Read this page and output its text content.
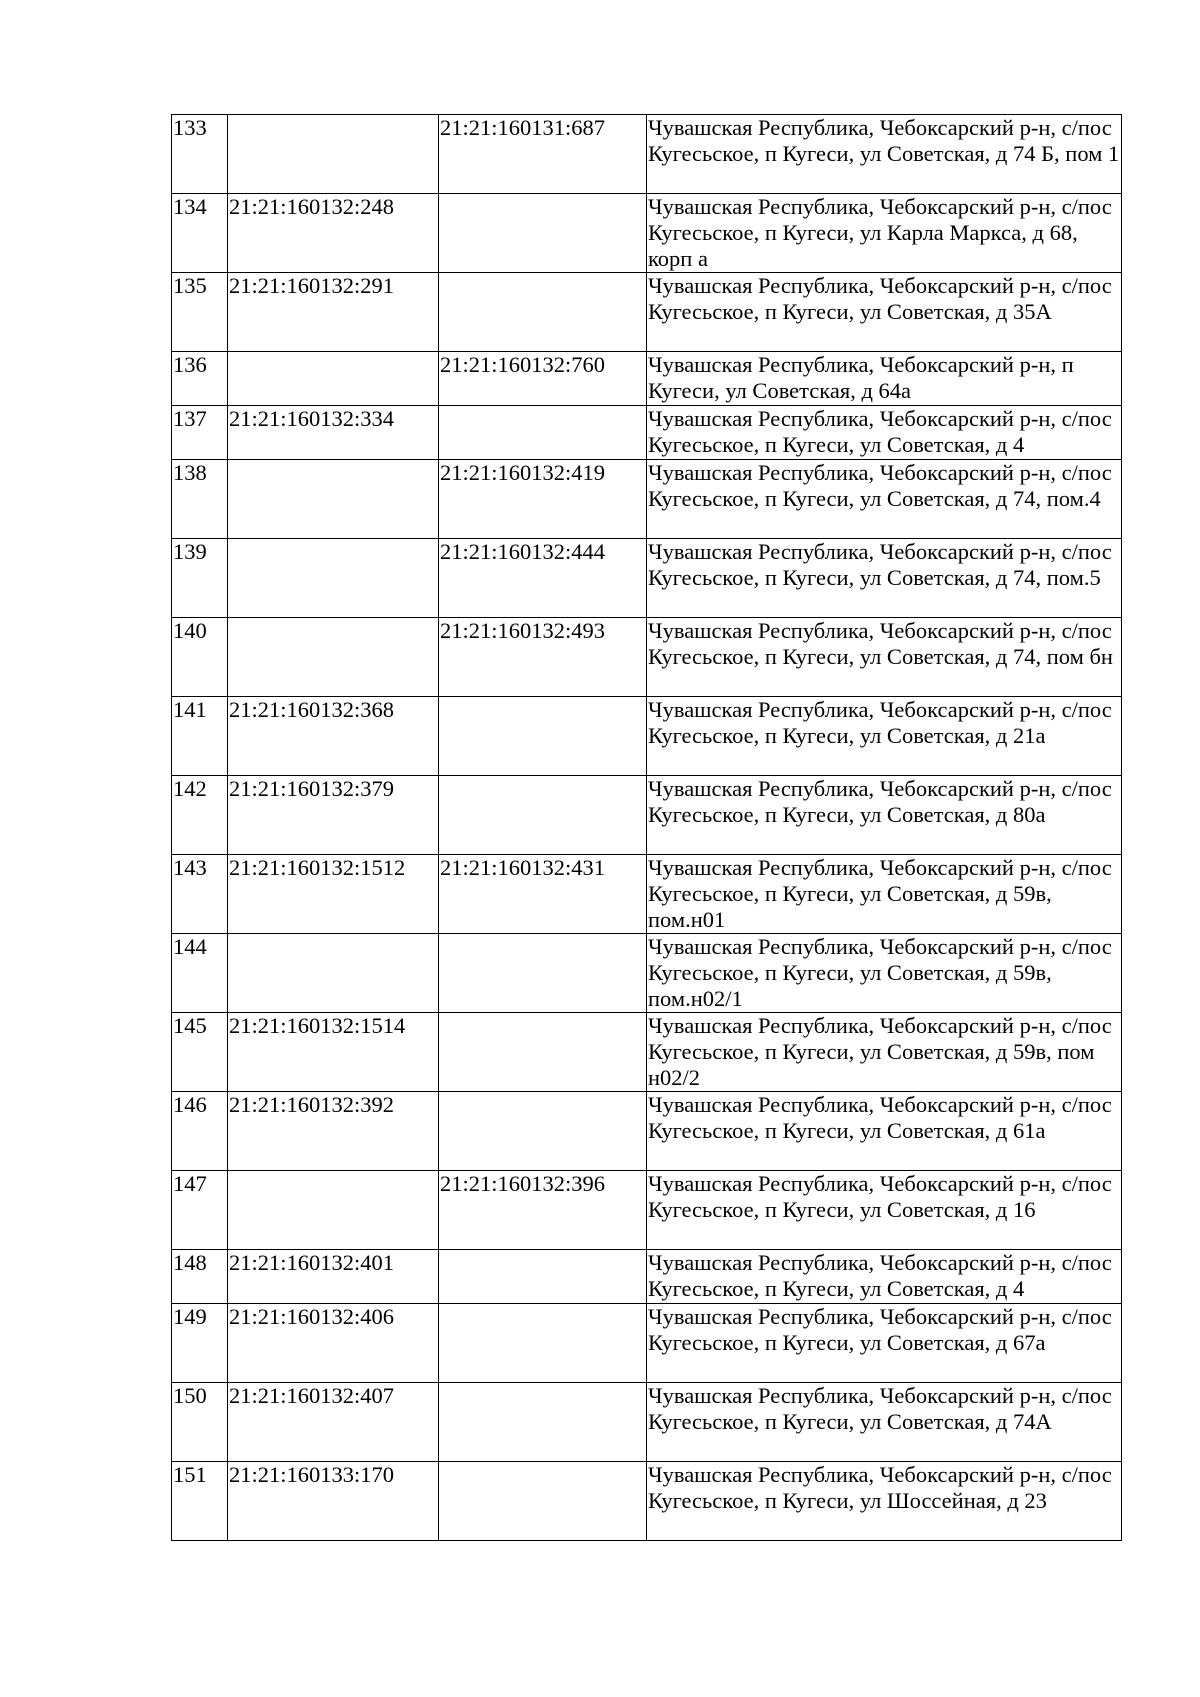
133		21:21:160131:687	Чувашская Республика, Чебоксарский р-н, с/пос Кугесьское, п Кугеси, ул Советская, д 74 Б, пом 1
134	21:21:160132:248		Чувашская Республика, Чебоксарский р-н, с/пос Кугесьское, п Кугеси, ул Карла Маркса, д 68, корп а
135	21:21:160132:291		Чувашская Республика, Чебоксарский р-н, с/пос Кугесьское, п Кугеси, ул Советская, д 35А
136		21:21:160132:760	Чувашская Республика, Чебоксарский р-н, п Кугеси, ул Советская, д 64а
137	21:21:160132:334		Чувашская Республика, Чебоксарский р-н, с/пос Кугесьское, п Кугеси, ул Советская, д 4
138		21:21:160132:419	Чувашская Республика, Чебоксарский р-н, с/пос Кугесьское, п Кугеси, ул Советская, д 74, пом.4
139		21:21:160132:444	Чувашская Республика, Чебоксарский р-н, с/пос Кугесьское, п Кугеси, ул Советская, д 74, пом.5
140		21:21:160132:493	Чувашская Республика, Чебоксарский р-н, с/пос Кугесьское, п Кугеси, ул Советская, д 74, пом бн
141	21:21:160132:368		Чувашская Республика, Чебоксарский р-н, с/пос Кугесьское, п Кугеси, ул Советская, д 21а
142	21:21:160132:379		Чувашская Республика, Чебоксарский р-н, с/пос Кугесьское, п Кугеси, ул Советская, д 80а
143	21:21:160132:1512	21:21:160132:431	Чувашская Республика, Чебоксарский р-н, с/пос Кугесьское, п Кугеси, ул Советская, д 59в, пом.н01
144			Чувашская Республика, Чебоксарский р-н, с/пос Кугесьское, п Кугеси, ул Советская, д 59в, пом.н02/1
145	21:21:160132:1514		Чувашская Республика, Чебоксарский р-н, с/пос Кугесьское, п Кугеси, ул Советская, д 59в, пом н02/2
146	21:21:160132:392		Чувашская Республика, Чебоксарский р-н, с/пос Кугесьское, п Кугеси, ул Советская, д 61а
147		21:21:160132:396	Чувашская Республика, Чебоксарский р-н, с/пос Кугесьское, п Кугеси, ул Советская, д 16
148	21:21:160132:401		Чувашская Республика, Чебоксарский р-н, с/пос Кугесьское, п Кугеси, ул Советская, д 4
149	21:21:160132:406		Чувашская Республика, Чебоксарский р-н, с/пос Кугесьское, п Кугеси, ул Советская, д 67а
150	21:21:160132:407		Чувашская Республика, Чебоксарский р-н, с/пос Кугесьское, п Кугеси, ул Советская, д 74А
151	21:21:160133:170		Чувашская Республика, Чебоксарский р-н, с/пос Кугесьское, п Кугеси, ул Шоссейная, д 23
